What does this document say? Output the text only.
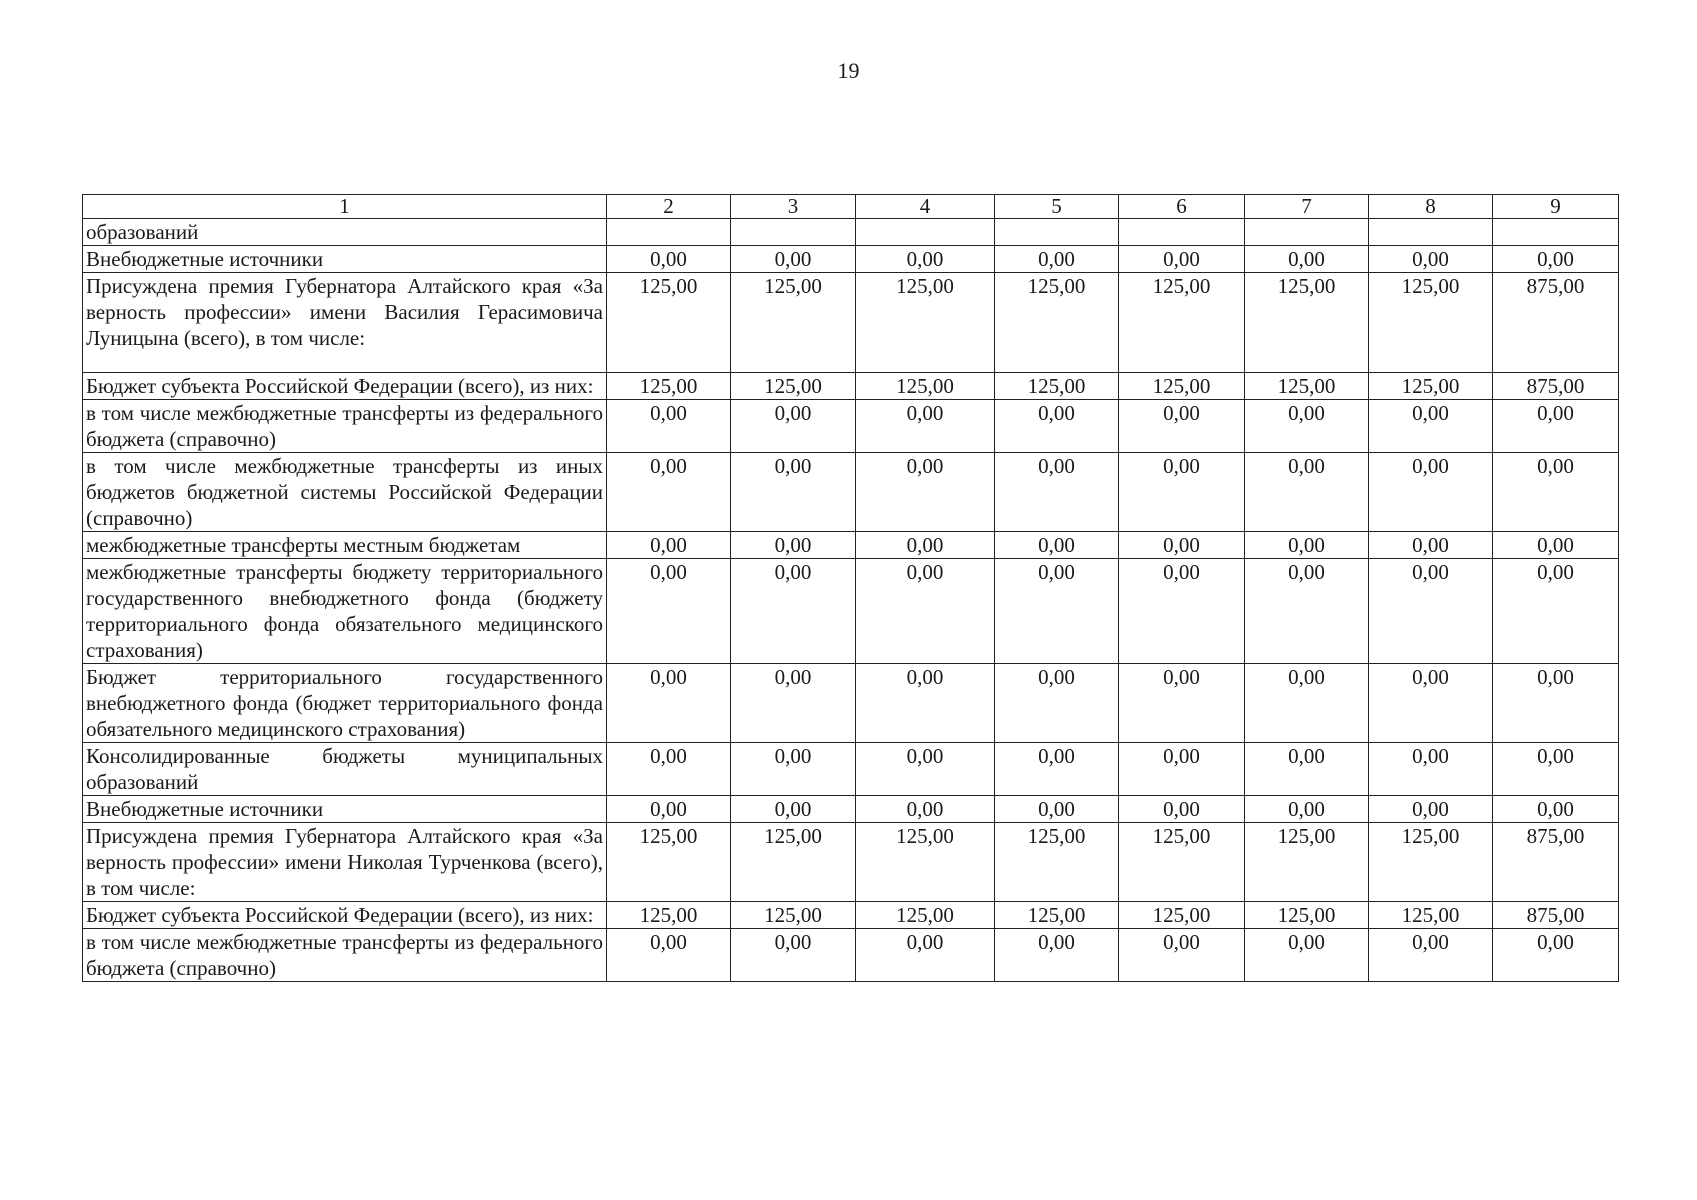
19
1	2	3	4	5	6	7	8	9
образований								
Внебюджетные источники	0,00	0,00	0,00	0,00	0,00	0,00	0,00	0,00
Присуждена премия Губернатора Алтайского края «За верность профессии» имени Василия Герасимовича Луницына (всего), в том числе:	125,00	125,00	125,00	125,00	125,00	125,00	125,00	875,00
Бюджет субъекта Российской Федерации (всего), из них:	125,00	125,00	125,00	125,00	125,00	125,00	125,00	875,00
в том числе межбюджетные трансферты из федерального бюджета (справочно)	0,00	0,00	0,00	0,00	0,00	0,00	0,00	0,00
в том числе межбюджетные трансферты из иных бюджетов бюджетной системы Российской Федерации (справочно)	0,00	0,00	0,00	0,00	0,00	0,00	0,00	0,00
межбюджетные трансферты местным бюджетам	0,00	0,00	0,00	0,00	0,00	0,00	0,00	0,00
межбюджетные трансферты бюджету территориального государственного внебюджетного фонда (бюджету территориального фонда обязательного медицинского страхования)	0,00	0,00	0,00	0,00	0,00	0,00	0,00	0,00
Бюджет территориального государственного внебюджетного фонда (бюджет территориального фонда обязательного медицинского страхования)	0,00	0,00	0,00	0,00	0,00	0,00	0,00	0,00
Консолидированные бюджеты муниципальных образований	0,00	0,00	0,00	0,00	0,00	0,00	0,00	0,00
Внебюджетные источники	0,00	0,00	0,00	0,00	0,00	0,00	0,00	0,00
Присуждена премия Губернатора Алтайского края «За верность профессии» имени Николая Турченкова (всего), в том числе:	125,00	125,00	125,00	125,00	125,00	125,00	125,00	875,00
Бюджет субъекта Российской Федерации (всего), из них:	125,00	125,00	125,00	125,00	125,00	125,00	125,00	875,00
в том числе межбюджетные трансферты из федерального бюджета (справочно)	0,00	0,00	0,00	0,00	0,00	0,00	0,00	0,00
